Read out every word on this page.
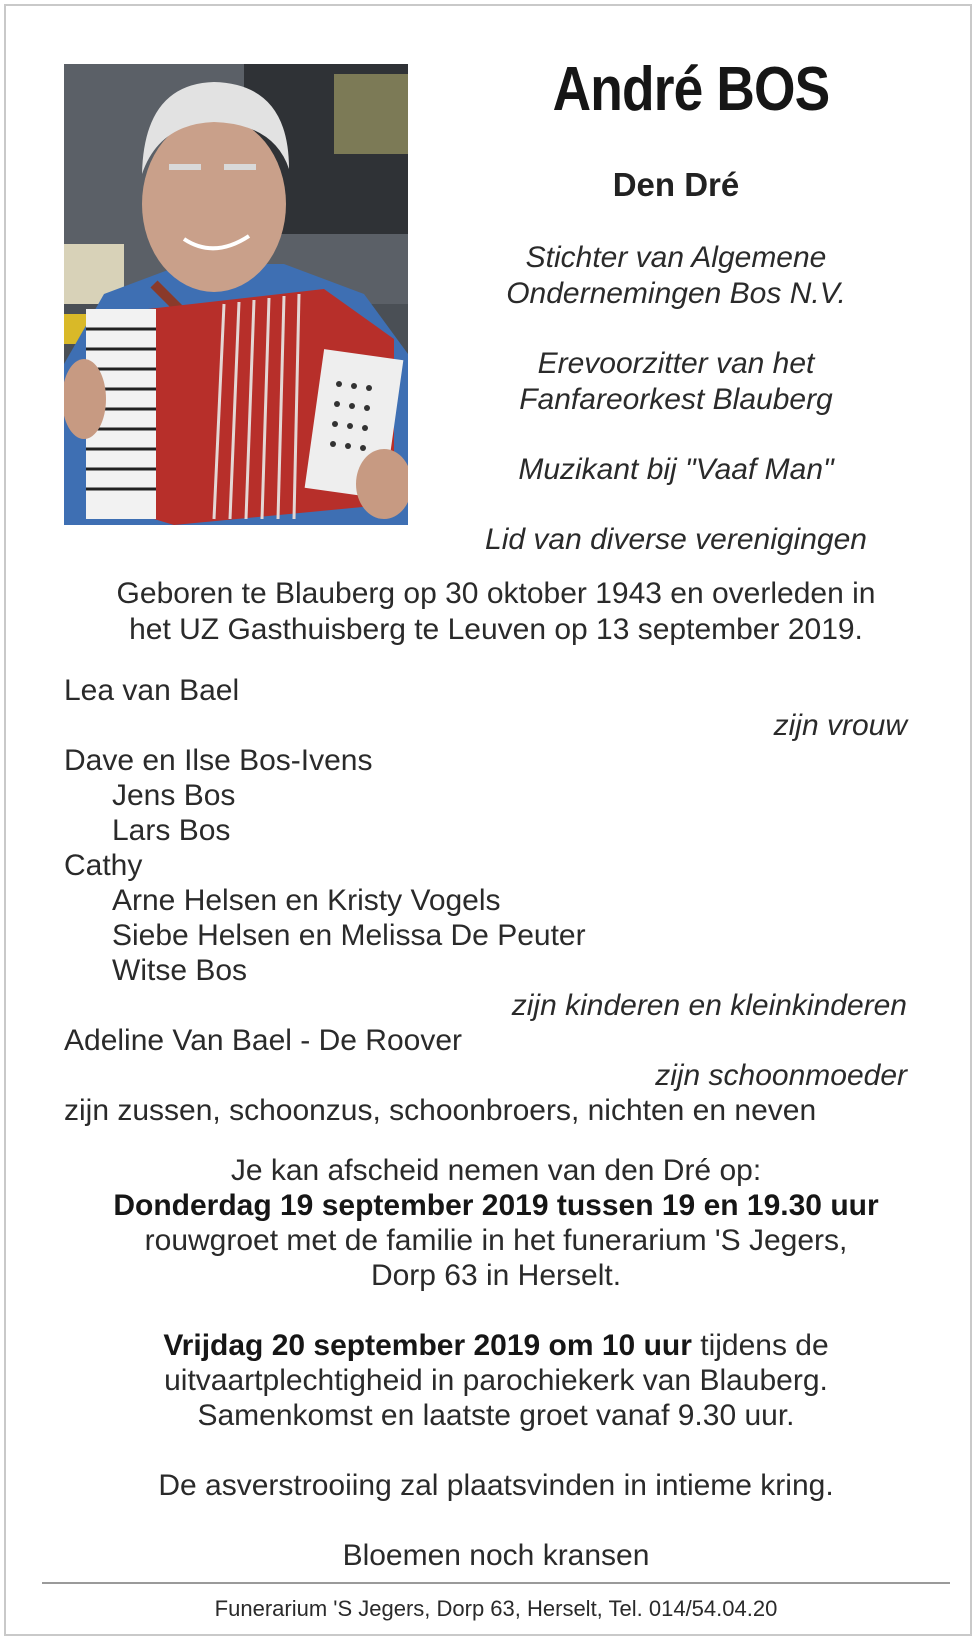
André BOS
Den Dré
Stichter van Algemene
Ondernemingen Bos N.V.
Erevoorzitter van het
Fanfareorkest Blauberg
Muzikant bij "Vaaf Man"
Lid van diverse verenigingen
Geboren te Blauberg op 30 oktober 1943 en overleden in
het UZ Gasthuisberg te Leuven op 13 september 2019.
Lea van Bael
zijn vrouw
Dave en Ilse Bos-Ivens
Jens Bos
Lars Bos
Cathy
Arne Helsen en Kristy Vogels
Siebe Helsen en Melissa De Peuter
Witse Bos
zijn kinderen en kleinkinderen
Adeline Van Bael - De Roover
zijn schoonmoeder
zijn zussen, schoonzus, schoonbroers, nichten en neven
Je kan afscheid nemen van den Dré op:
Donderdag 19 september 2019 tussen 19 en 19.30 uur
rouwgroet met de familie in het funerarium 'S Jegers,
Dorp 63 in Herselt.
Vrijdag 20 september 2019 om 10 uur tijdens de
uitvaartplechtigheid in parochiekerk van Blauberg.
Samenkomst en laatste groet vanaf 9.30 uur.
De asverstrooiing zal plaatsvinden in intieme kring.
Bloemen noch kransen
Funerarium 'S Jegers, Dorp 63, Herselt, Tel. 014/54.04.20
